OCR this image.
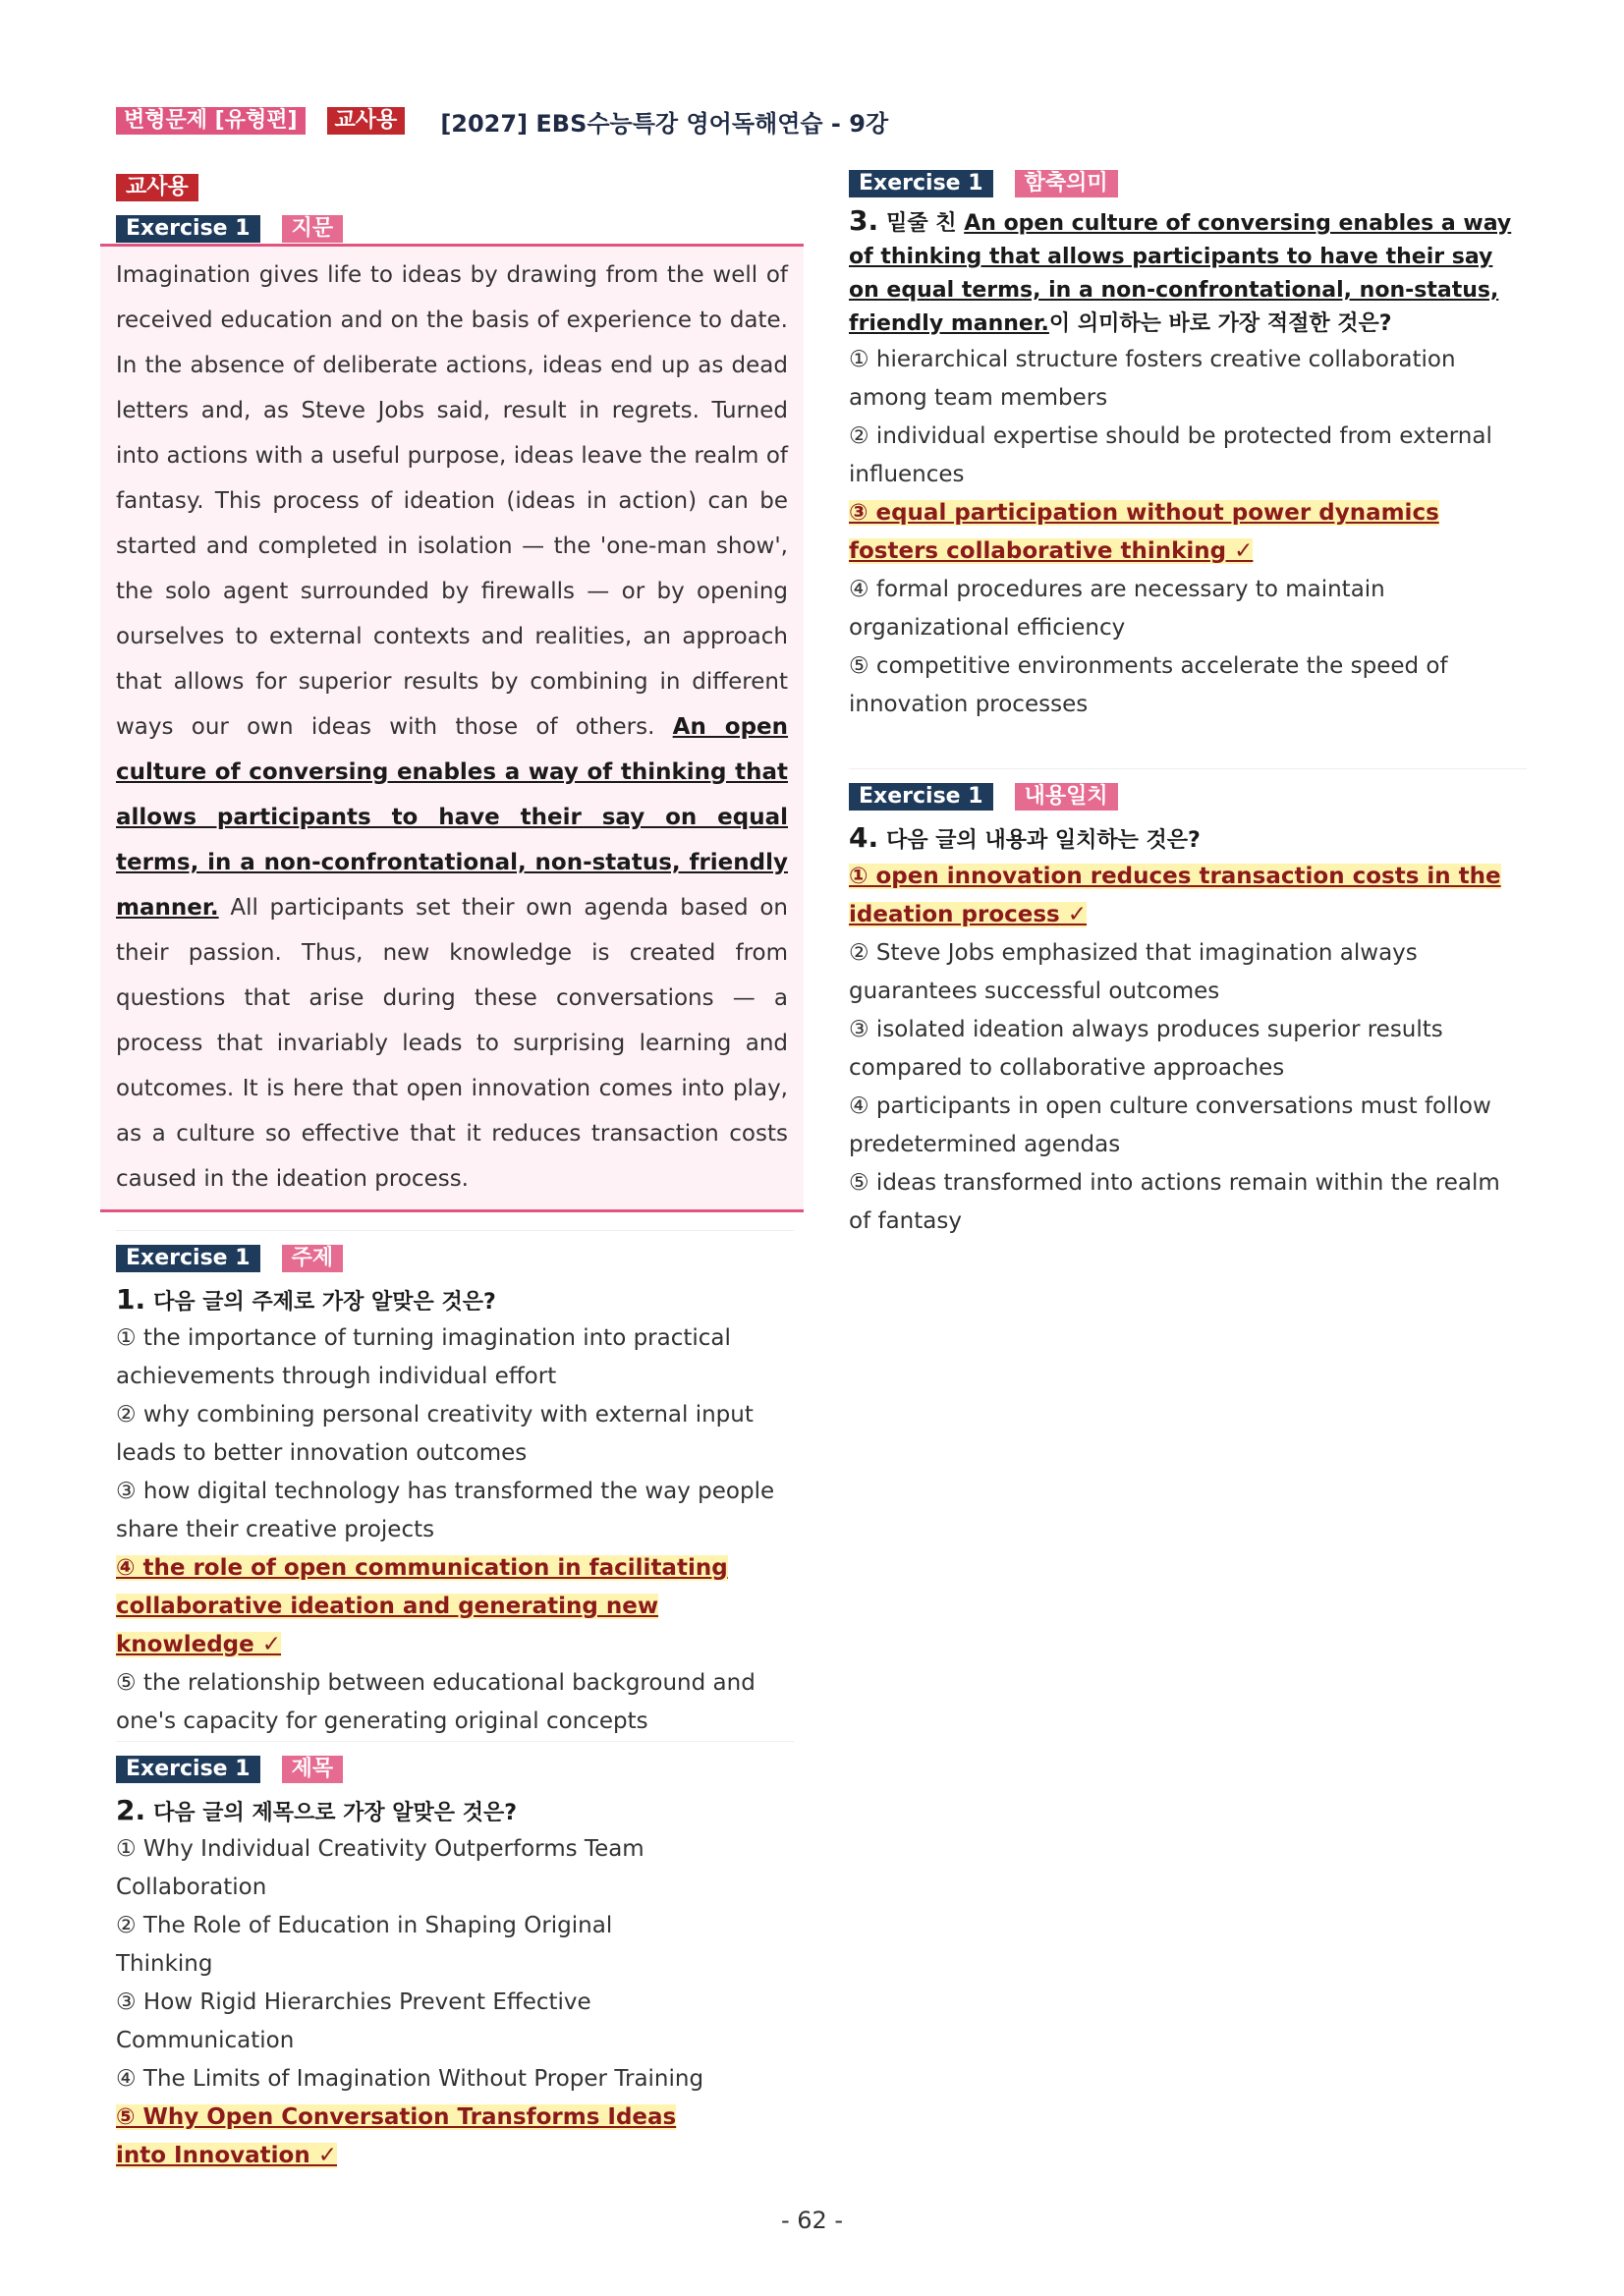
변형문제 [유형편]	교사용	[2027] EBS수능특강 영어독해연습 - 9강
교사용
Exercise 1	지문
Imagination gives life to ideas by drawing from the well of received education and on the basis of experience to date. In the absence of deliberate actions, ideas end up as dead letters and, as Steve Jobs said, result in regrets. Turned into actions with a useful purpose, ideas leave the realm of fantasy. This process of ideation (ideas in action) can be started and completed in isolation — the 'one-man show', the solo agent surrounded by firewalls — or by opening ourselves to external contexts and realities, an approach that allows for superior results by combining in different ways our own ideas with those of others. An open culture of conversing enables a way of thinking that allows participants to have their say on equal terms, in a non-confrontational, non-status, friendly manner. All participants set their own agenda based on their passion. Thus, new knowledge is created from questions that arise during these conversations — a process that invariably leads to surprising learning and outcomes. It is here that open innovation comes into play, as a culture so effective that it reduces transaction costs caused in the ideation process.
Exercise 1	주제
1. 다음 글의 주제로 가장 알맞은 것은?
① the importance of turning imagination into practical achievements through individual effort
② why combining personal creativity with external input leads to better innovation outcomes
③ how digital technology has transformed the way people share their creative projects
④ the role of open communication in facilitating collaborative ideation and generating new knowledge ✓
⑤ the relationship between educational background and one's capacity for generating original concepts
Exercise 1	제목
2. 다음 글의 제목으로 가장 알맞은 것은?
① Why Individual Creativity Outperforms Team Collaboration
② The Role of Education in Shaping Original Thinking
③ How Rigid Hierarchies Prevent Effective Communication
④ The Limits of Imagination Without Proper Training
⑤ Why Open Conversation Transforms Ideas into Innovation ✓
Exercise 1	함축의미
3. 밑줄 친 An open culture of conversing enables a way of thinking that allows participants to have their say on equal terms, in a non-confrontational, non-status, friendly manner.이 의미하는 바로 가장 적절한 것은?
① hierarchical structure fosters creative collaboration among team members
② individual expertise should be protected from external influences
③ equal participation without power dynamics fosters collaborative thinking ✓
④ formal procedures are necessary to maintain organizational efficiency
⑤ competitive environments accelerate the speed of innovation processes
Exercise 1	내용일치
4. 다음 글의 내용과 일치하는 것은?
① open innovation reduces transaction costs in the ideation process ✓
② Steve Jobs emphasized that imagination always guarantees successful outcomes
③ isolated ideation always produces superior results compared to collaborative approaches
④ participants in open culture conversations must follow predetermined agendas
⑤ ideas transformed into actions remain within the realm of fantasy
- 62 -
